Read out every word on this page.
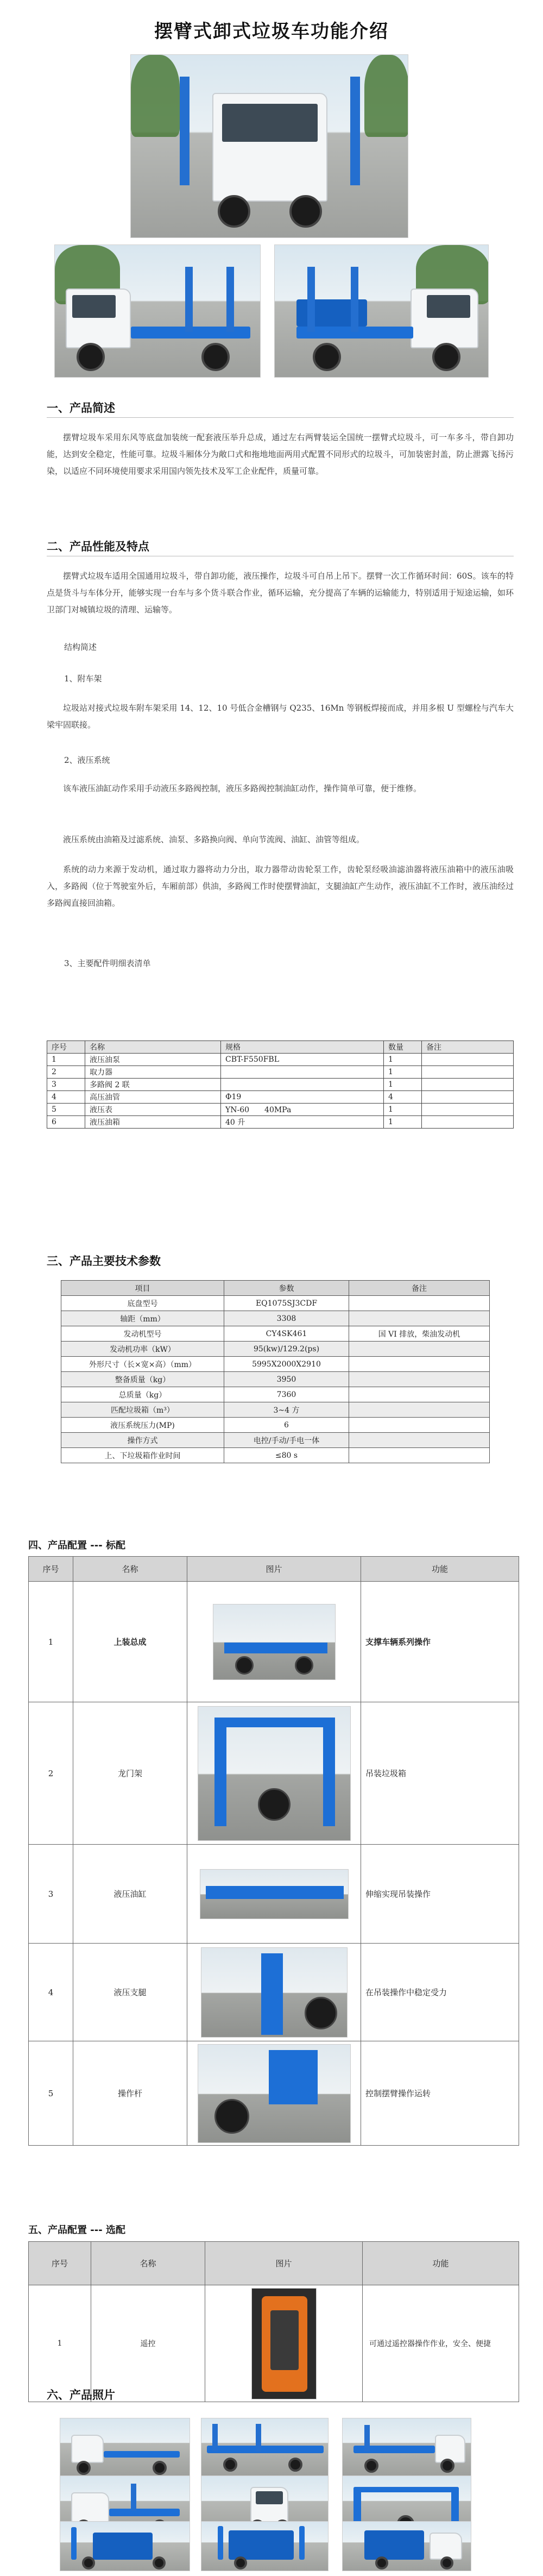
摆臂式卸式垃圾车功能介绍
一、产品简述
摆臂垃圾车采用东风等底盘加装统一配套液压举升总成，通过左右两臂装运全国统一摆臂式垃圾斗，可一车多斗，带自卸功能，达到安全稳定，性能可靠。垃圾斗厢体分为敞口式和拖地地面两用式配置不同形式的垃圾斗，可加装密封盖，防止泄露飞扬污染，以适应不同环境使用要求采用国内领先技术及军工企业配件，质量可靠。
二、产品性能及特点
摆臂式垃圾车适用全国通用垃圾斗，带自卸功能，液压操作，垃圾斗可自吊上吊下。摆臂一次工作循环时间：60S。该车的特点是货斗与车体分开，能够实现一台车与多个货斗联合作业，循环运输，充分提高了车辆的运输能力，特别适用于短途运输，如环卫部门对城镇垃圾的清理、运输等。
结构简述
1、附车架
垃圾站对接式垃圾车附车架采用 14、12、10 号低合金槽钢与 Q235、16Mn 等钢板焊接而成，并用多根 U 型螺栓与汽车大梁牢固联接。
2、液压系统
该车液压油缸动作采用手动液压多路阀控制，液压多路阀控制油缸动作，操作简单可靠，便于维修。
液压系统由油箱及过滤系统、油泵、多路换向阀、单向节流阀、油缸、油管等组成。
系统的动力来源于发动机，通过取力器将动力分出，取力器带动齿轮泵工作，齿轮泵经吸油滤油器将液压油箱中的液压油吸入，多路阀（位于驾驶室外后，车厢前部）供油，多路阀工作时使摆臂油缸，支腿油缸产生动作，液压油缸不工作时，液压油经过多路阀直接回油箱。
3、主要配件明细表清单
序号	名称	规格	数量	备注
1	液压油泵	CBT-F550FBL	1	
2	取力器		1	
3	多路阀 2 联		1	
4	高压油管	Φ19	4	
5	液压表	YN-60　　40MPa	1	
6	液压油箱	40 升	1	
三、产品主要技术参数
项目	参数	备注
底盘型号	EQ1075SJ3CDF	
轴距（mm）	3308	
发动机型号	CY4SK461	国 VI 排放，柴油发动机
发动机功率（kW）	95(kw)/129.2(ps)	
外形尺寸（长×宽×高）（mm）	5995X2000X2910	
整备质量（kg）	3950	
总质量（kg）	7360	
匹配垃圾箱（m³）	3~4 方	
液压系统压力(MP)	6	
操作方式	电控/手动/手电一体	
上、下垃圾箱作业时间	≤80 s	
四、产品配置 --- 标配
序号	名称	图片	功能
1	上装总成		支撑车辆系列操作
2	龙门架		吊装垃圾箱
3	液压油缸		伸缩实现吊装操作
4	液压支腿		在吊装操作中稳定受力
5	操作杆		控制摆臂操作运转
五、产品配置 --- 选配
序号	名称	图片	功能
1	遥控		可通过遥控器操作作业，安全、便捷
六、产品照片
